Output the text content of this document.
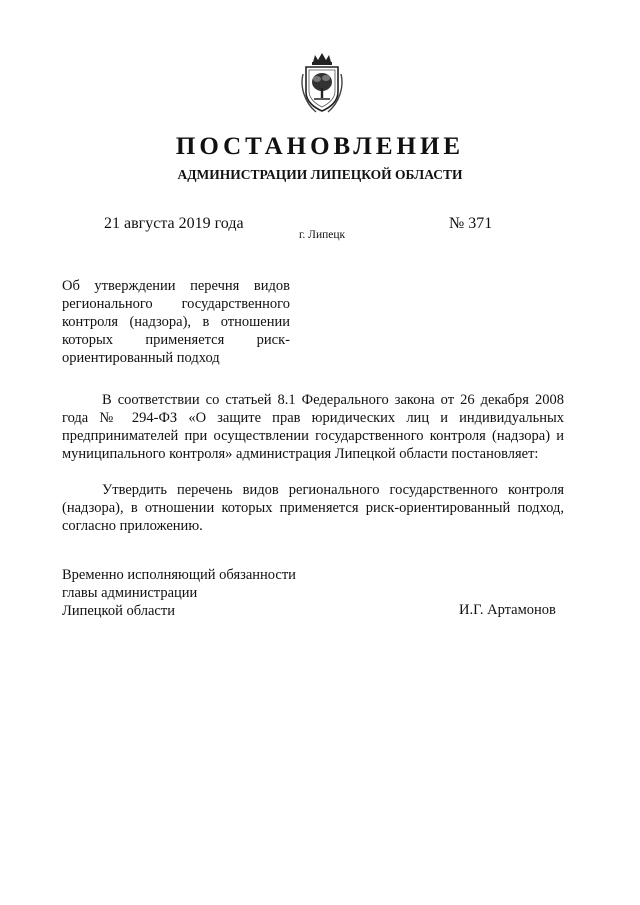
ПОСТАНОВЛЕНИЕ
АДМИНИСТРАЦИИ ЛИПЕЦКОЙ ОБЛАСТИ
21 августа 2019 года
г. Липецк
№ 371

Об утверждении перечня видов регионального государственного контроля (надзора), в отношении которых применяется риск-ориентированный подход

В соответствии со статьей 8.1 Федерального закона от 26 декабря 2008 года № 294-ФЗ «О защите прав юридических лиц и индивидуальных предпринимателей при осуществлении государственного контроля (надзора) и муниципального контроля» администрация Липецкой области постановляет:

Утвердить перечень видов регионального государственного контроля (надзора), в отношении которых применяется риск-ориентированный подход, согласно приложению.

Временно исполняющий обязанности
главы администрации
Липецкой области	И.Г. Артамонов
